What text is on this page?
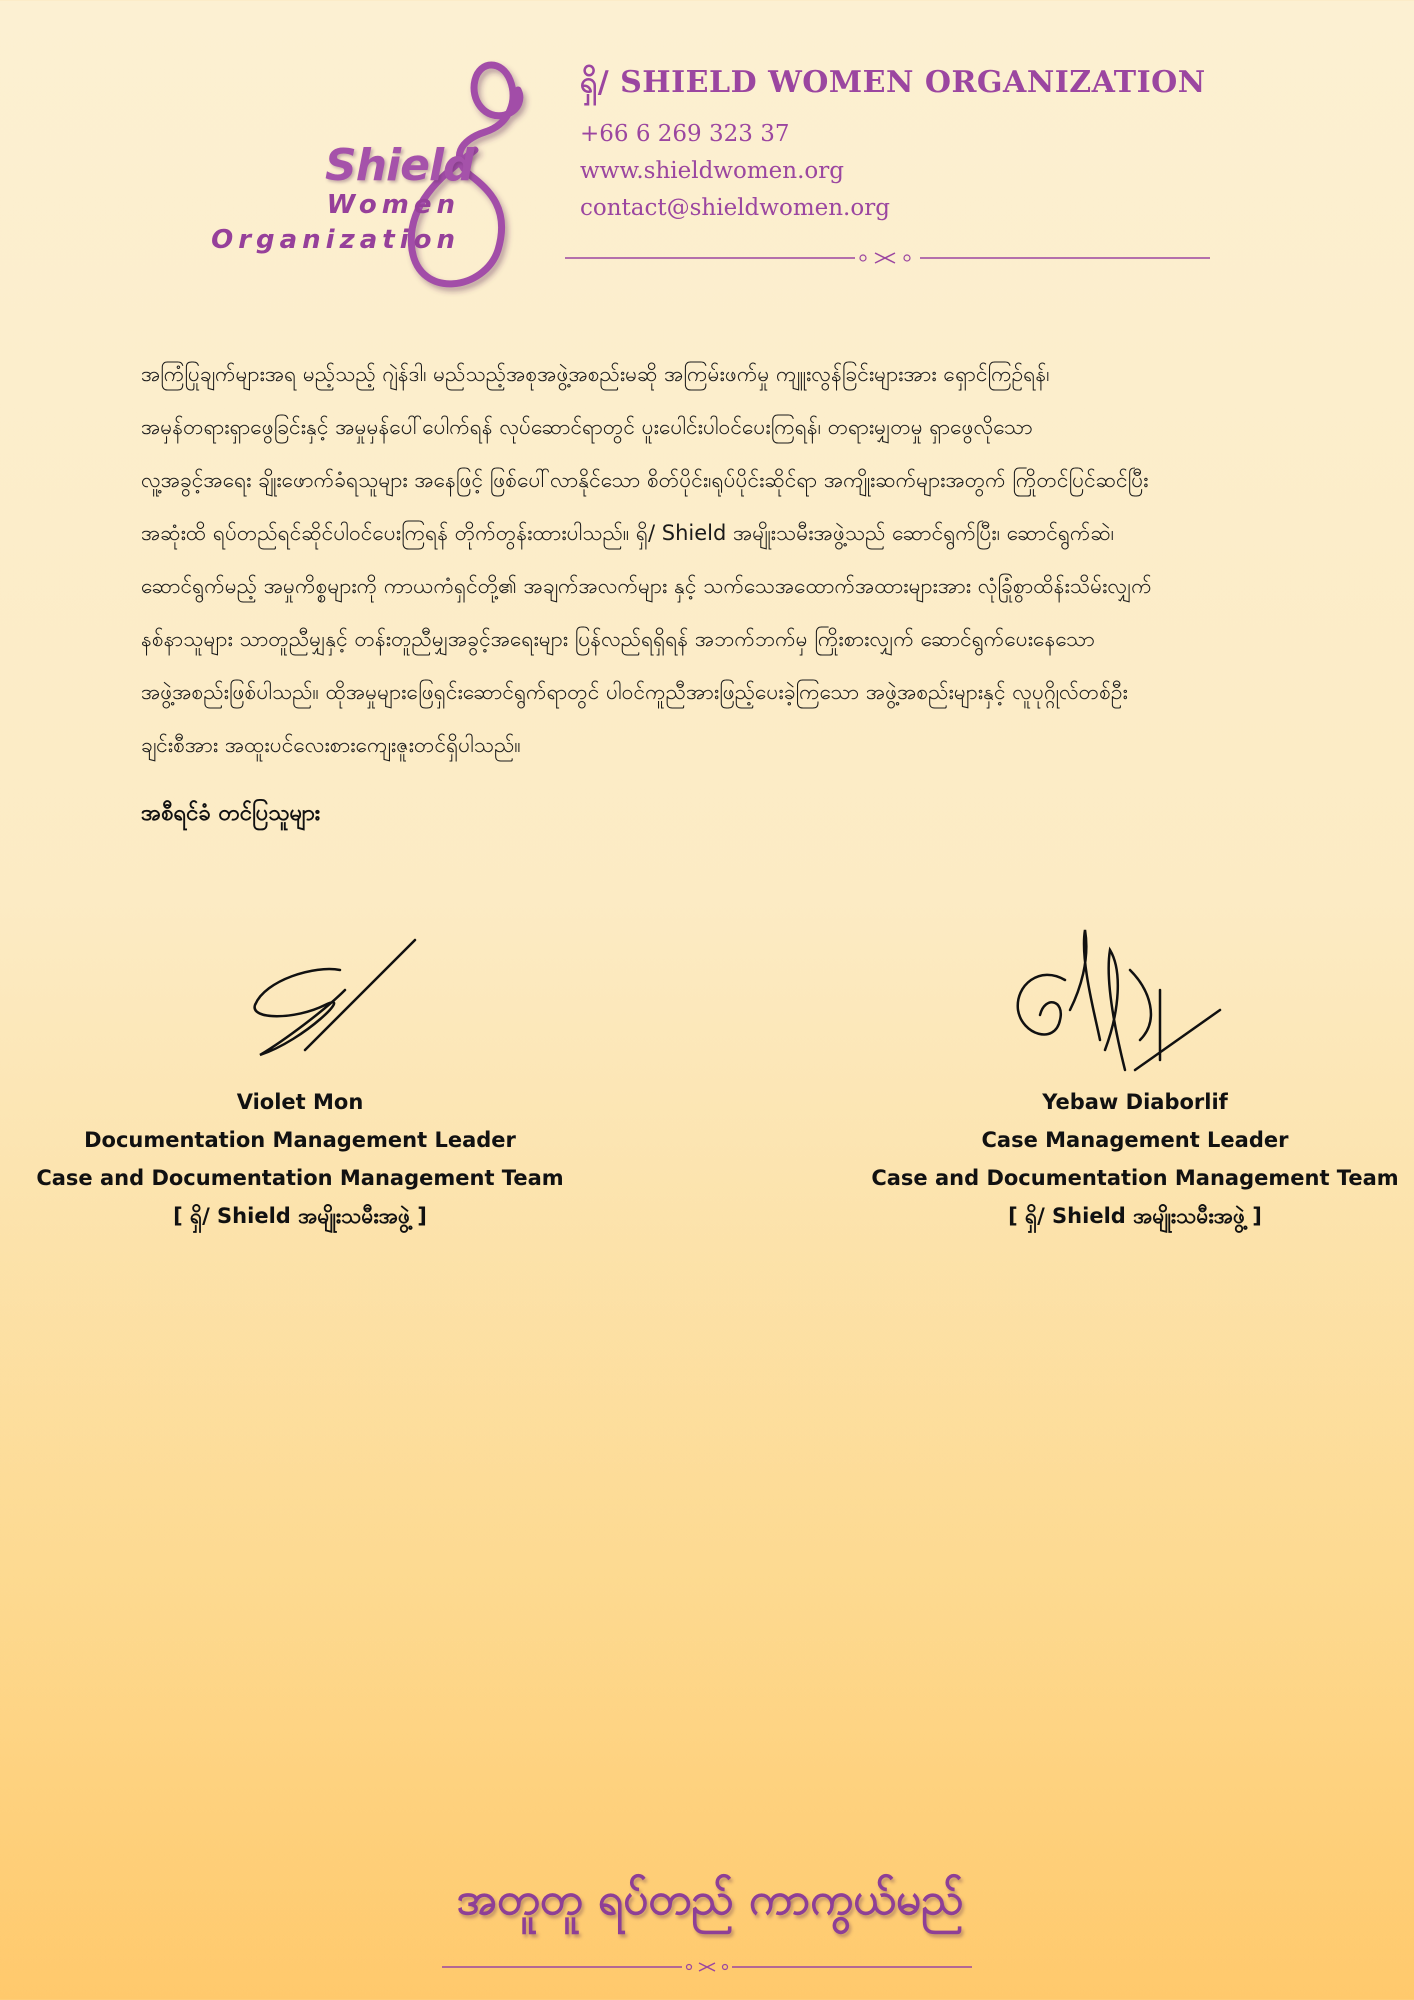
Shield
Women
Organization
ရှိ/ SHIELD WOMEN ORGANIZATION
+66 6 269 323 37
www.shieldwomen.org
contact@shieldwomen.org

အကြံပြုချက်များအရ မည့်သည့် ဂျဲန်ဒါ၊ မည်သည့်အစုအဖွဲ့အစည်းမဆို အကြမ်းဖက်မှု ကျူးလွန်ခြင်းများအား ရှောင်ကြဉ်ရန်၊

အမှန်တရားရှာဖွေခြင်းနှင့် အမှုမှန်ပေါ်ပေါက်ရန် လုပ်ဆောင်ရာတွင် ပူးပေါင်းပါဝင်ပေးကြရန်၊ တရားမျှတမှု ရှာဖွေလိုသော

လူ့အခွင့်အရေး ချိုးဖောက်ခံရသူများ အနေဖြင့် ဖြစ်ပေါ်လာနိုင်သော စိတ်ပိုင်း၊ရုပ်ပိုင်းဆိုင်ရာ အကျိုးဆက်များအတွက် ကြိုတင်ပြင်ဆင်ပြီး

အဆုံးထိ ရပ်တည်ရင်ဆိုင်ပါဝင်ပေးကြရန် တိုက်တွန်းထားပါသည်။ ရှိ/ Shield အမျိုးသမီးအဖွဲ့သည် ဆောင်ရွက်ပြီး၊ ဆောင်ရွက်ဆဲ၊

ဆောင်ရွက်မည့် အမှုကိစ္စများကို ကာယကံရှင်တို့၏ အချက်အလက်များ နှင့် သက်သေအထောက်အထားများအား လုံခြုံစွာထိန်းသိမ်းလျှက်

နစ်နာသူများ သာတူညီမျှနှင့် တန်းတူညီမျှအခွင့်အရေးများ ပြန်လည်ရရှိရန် အဘက်ဘက်မှ ကြိုးစားလျှက် ဆောင်ရွက်ပေးနေသော

အဖွဲ့အစည်းဖြစ်ပါသည်။ ထိုအမှုများဖြေရှင်းဆောင်ရွက်ရာတွင် ပါဝင်ကူညီအားဖြည့်ပေးခဲ့ကြသော အဖွဲ့အစည်းများနှင့် လူပုဂ္ဂိုလ်တစ်ဦး

ချင်းစီအား အထူးပင်လေးစားကျေးဇူးတင်ရှိပါသည်။

အစီရင်ခံ တင်ပြသူများ
Violet Mon
Documentation Management Leader
Case and Documentation Management Team
[ ရှိ/ Shield အမျိုးသမီးအဖွဲ့ ]
Yebaw Diaborlif
Case Management Leader
Case and Documentation Management Team
[ ရှိ/ Shield အမျိုးသမီးအဖွဲ့ ]
အတူတူ ရပ်တည် ကာကွယ်မည်
